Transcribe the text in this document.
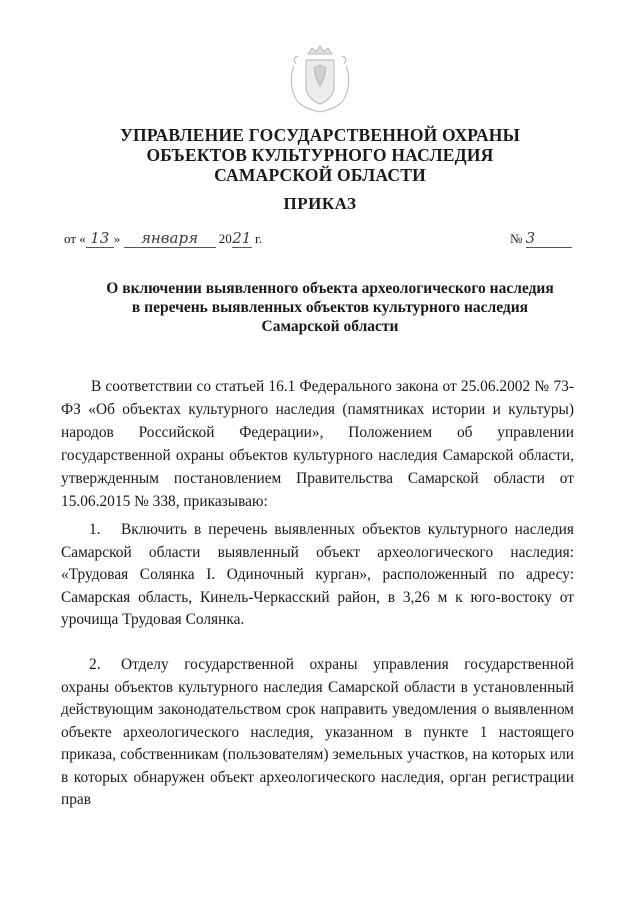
УПРАВЛЕНИЕ ГОСУДАРСТВЕННОЙ ОХРАНЫ
ОБЪЕКТОВ КУЛЬТУРНОГО НАСЛЕДИЯ
САМАРСКОЙ ОБЛАСТИ
ПРИКАЗ
от « 13 » января 2021 г.	№ 3
О включении выявленного объекта археологического наследия
в перечень выявленных объектов культурного наследия
Самарской области
В соответствии со статьей 16.1 Федерального закона от 25.06.2002 № 73-ФЗ «Об объектах культурного наследия (памятниках истории и культуры) народов Российской Федерации», Положением об управлении государственной охраны объектов культурного наследия Самарской области, утвержденным постановлением Правительства Самарской области от 15.06.2015 № 338, приказываю:
1. Включить в перечень выявленных объектов культурного наследия Самарской области выявленный объект археологического наследия: «Трудовая Солянка I. Одиночный курган», расположенный по адресу: Самарская область, Кинель-Черкасский район, в 3,26 м к юго-востоку от урочища Трудовая Солянка.
2. Отделу государственной охраны управления государственной охраны объектов культурного наследия Самарской области в установленный действующим законодательством срок направить уведомления о выявленном объекте археологического наследия, указанном в пункте 1 настоящего приказа, собственникам (пользователям) земельных участков, на которых или в которых обнаружен объект археологического наследия, орган регистрации прав
